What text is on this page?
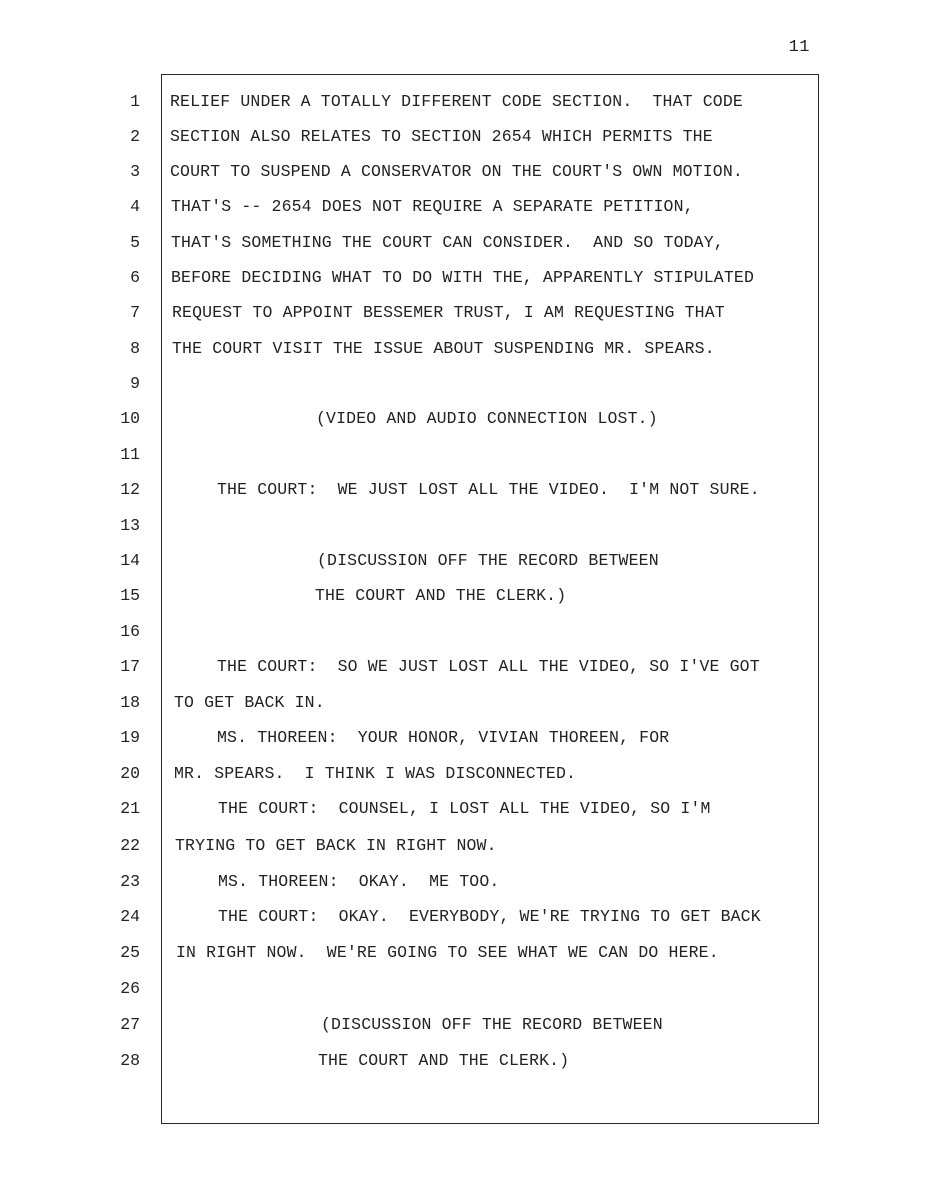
11
1 RELIEF UNDER A TOTALLY DIFFERENT CODE SECTION.  THAT CODE
2 SECTION ALSO RELATES TO SECTION 2654 WHICH PERMITS THE
3 COURT TO SUSPEND A CONSERVATOR ON THE COURT'S OWN MOTION.
4 THAT'S -- 2654 DOES NOT REQUIRE A SEPARATE PETITION,
5 THAT'S SOMETHING THE COURT CAN CONSIDER.  AND SO TODAY,
6 BEFORE DECIDING WHAT TO DO WITH THE, APPARENTLY STIPULATED
7 REQUEST TO APPOINT BESSEMER TRUST, I AM REQUESTING THAT
8 THE COURT VISIT THE ISSUE ABOUT SUSPENDING MR. SPEARS.
9
10	(VIDEO AND AUDIO CONNECTION LOST.)
11
12	THE COURT:  WE JUST LOST ALL THE VIDEO.  I'M NOT SURE.
13
14	(DISCUSSION OFF THE RECORD BETWEEN
15	THE COURT AND THE CLERK.)
16
17	THE COURT:  SO WE JUST LOST ALL THE VIDEO, SO I'VE GOT
18 TO GET BACK IN.
19	MS. THOREEN:  YOUR HONOR, VIVIAN THOREEN, FOR
20 MR. SPEARS.  I THINK I WAS DISCONNECTED.
21	THE COURT:  COUNSEL, I LOST ALL THE VIDEO, SO I'M
22 TRYING TO GET BACK IN RIGHT NOW.
23	MS. THOREEN:  OKAY.  ME TOO.
24	THE COURT:  OKAY.  EVERYBODY, WE'RE TRYING TO GET BACK
25 IN RIGHT NOW.  WE'RE GOING TO SEE WHAT WE CAN DO HERE.
26
27	(DISCUSSION OFF THE RECORD BETWEEN
28	THE COURT AND THE CLERK.)
